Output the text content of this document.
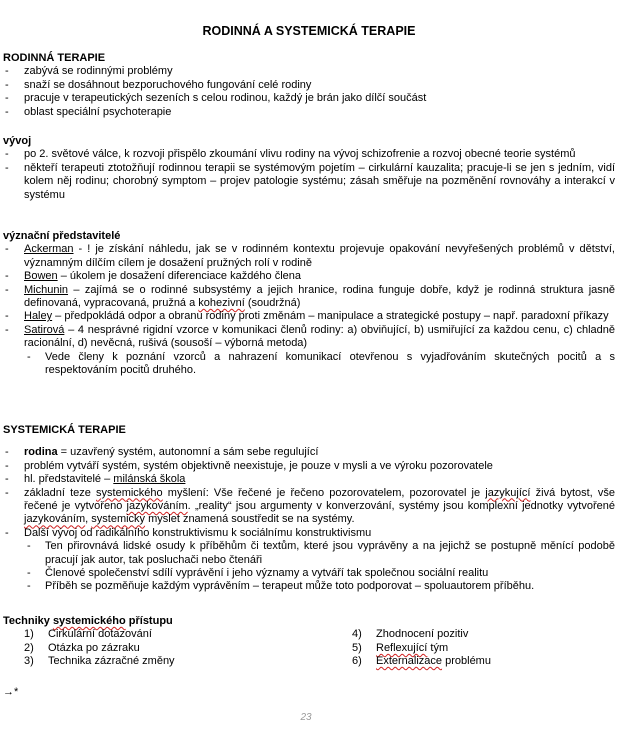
RODINNÁ A SYSTEMICKÁ TERAPIE
RODINNÁ TERAPIE
- zabývá se rodinnými problémy
- snaží se dosáhnout bezporuchového fungování celé rodiny
- pracuje v terapeutických sezeních s celou rodinou, každý je brán jako dílčí součást
- oblast speciální psychoterapie
vývoj
- po 2. světové válce, k rozvoji přispělo zkoumání vlivu rodiny na vývoj schizofrenie a rozvoj obecné teorie systémů
- někteří terapeuti ztotožňují rodinnou terapii se systémovým pojetím – cirkulární kauzalita; pracuje-li se jen s jedním, vidí kolem něj rodinu; chorobný symptom – projev patologie systému; zásah směřuje na pozměnění rovnováhy a interakcí v systému
význační představitelé
- Ackerman - ! je získání náhledu, jak se v rodinném kontextu projevuje opakování nevyřešených problémů v dětství, významným dílčím cílem je dosažení pružných rolí v rodině
- Bowen – úkolem je dosažení diferenciace každého člena
- Michunin – zajímá se o rodinné subsystémy a jejich hranice, rodina funguje dobře, když je rodinná struktura jasně definovaná, vypracovaná, pružná a kohezivní (soudržná)
- Haley – předpokládá odpor a obranu rodiny proti změnám – manipulace a strategické postupy – např. paradoxní příkazy
- Satirová – 4 nesprávné rigidní vzorce v komunikaci členů rodiny: a) obviňující, b) usmiřující za každou cenu, c) chladně racionální, d) nevěcná, rušivá (sousoší – výborná metoda)
- Vede členy k poznání vzorců a nahrazení komunikací otevřenou s vyjadřováním skutečných pocitů a s respektováním pocitů druhého.
SYSTEMICKÁ TERAPIE
- rodina = uzavřený systém, autonomní a sám sebe regulující
- problém vytváří systém, systém objektivně neexistuje, je pouze v mysli a ve výroku pozorovatele
- hl. představitelé – milánská škola
- základní teze systemického myšlení: Vše řečené je řečeno pozorovatelem, pozorovatel je jazykující živá bytost, vše řečené je vytvořeno jazykováním. „reality“ jsou argumenty v konverzování, systémy jsou komplexní jednotky vytvořené jazykováním, systemicky myslet znamená soustředit se na systémy.
- Další vývoj od radikálního konstruktivismu k sociálnímu konstruktivismu
- Ten přirovnává lidské osudy k příběhům či textům, které jsou vyprávěny a na jejichž se postupně měnící podobě pracují jak autor, tak posluchači nebo čtenáři
- Členové společenství sdílí vyprávění i jeho významy a vytváří tak společnou sociální realitu
- Příběh se pozměňuje každým vyprávěním – terapeut může toto podporovat – spoluautorem příběhu.
Techniky systemického přístupu
1) Cirkulární dotazování
2) Otázka po zázraku
3) Technika zázračné změny
4) Zhodnocení pozitiv
5) Reflexující tým
6) Externalizace problému
→*
23
